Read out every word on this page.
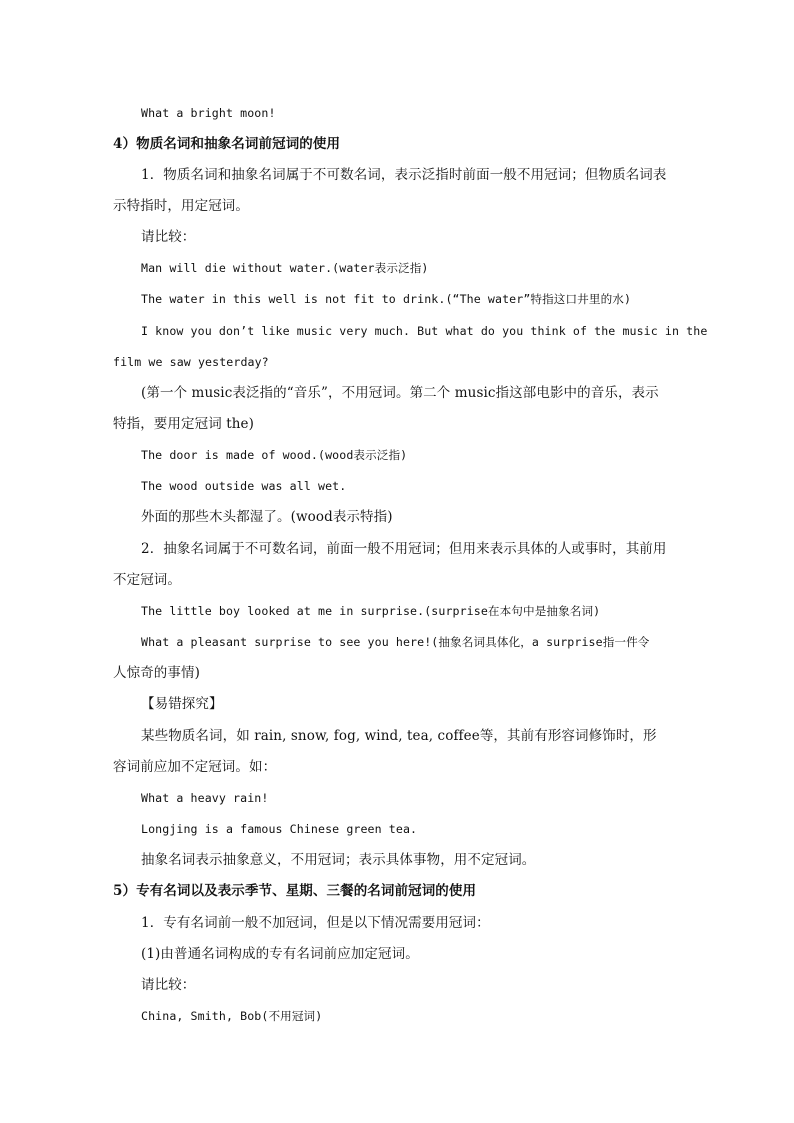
What a bright moon!
4）物质名词和抽象名词前冠词的使用
1．物质名词和抽象名词属于不可数名词，表示泛指时前面一般不用冠词；但物质名词表
示特指时，用定冠词。
请比较：
Man will die without water.(water表示泛指)
The water in this well is not fit to drink.(“The water”特指这口井里的水)
I know you don’t like music very much. But what do you think of the music in the
film we saw yesterday?
(第一个 music表泛指的“音乐”，不用冠词。第二个 music指这部电影中的音乐，表示
特指，要用定冠词 the)
The door is made of wood.(wood表示泛指)
The wood outside was all wet.
外面的那些木头都湿了。(wood表示特指)
2．抽象名词属于不可数名词，前面一般不用冠词；但用来表示具体的人或事时，其前用
不定冠词。
The little boy looked at me in surprise.(surprise在本句中是抽象名词)
What a pleasant surprise to see you here!(抽象名词具体化，a surprise指一件令
人惊奇的事情)
【易错探究】
某些物质名词，如 rain, snow, fog, wind, tea, coffee等，其前有形容词修饰时，形
容词前应加不定冠词。如：
What a heavy rain!
Longjing is a famous Chinese green tea.
抽象名词表示抽象意义，不用冠词；表示具体事物，用不定冠词。
5）专有名词以及表示季节、星期、三餐的名词前冠词的使用
1．专有名词前一般不加冠词，但是以下情况需要用冠词：
(1)由普通名词构成的专有名词前应加定冠词。
请比较：
China, Smith, Bob(不用冠词)
